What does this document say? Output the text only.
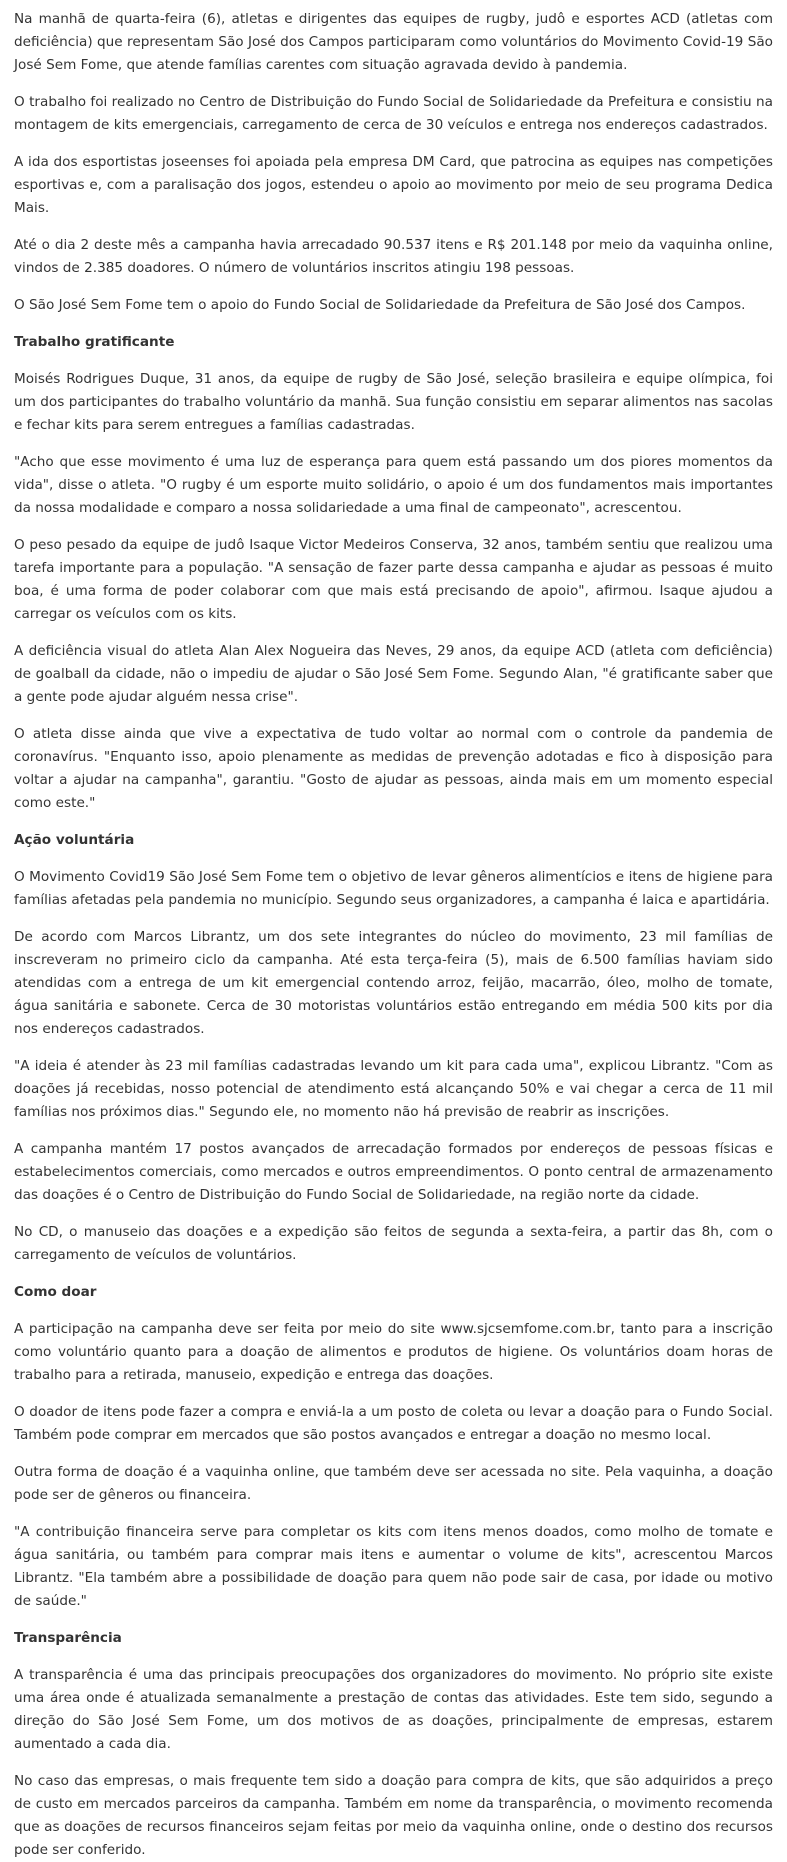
Na manhã de quarta-feira (6), atletas e dirigentes das equipes de rugby, judô e esportes ACD (atletas com deficiência) que representam São José dos Campos participaram como voluntários do Movimento Covid-19 São José Sem Fome, que atende famílias carentes com situação agravada devido à pandemia.

O trabalho foi realizado no Centro de Distribuição do Fundo Social de Solidariedade da Prefeitura e consistiu na montagem de kits emergenciais, carregamento de cerca de 30 veículos e entrega nos endereços cadastrados.

A ida dos esportistas joseenses foi apoiada pela empresa DM Card, que patrocina as equipes nas competições esportivas e, com a paralisação dos jogos, estendeu o apoio ao movimento por meio de seu programa Dedica Mais.

Até o dia 2 deste mês a campanha havia arrecadado 90.537 itens e R$ 201.148 por meio da vaquinha online, vindos de 2.385 doadores. O número de voluntários inscritos atingiu 198 pessoas.

O São José Sem Fome tem o apoio do Fundo Social de Solidariedade da Prefeitura de São José dos Campos.

Trabalho gratificante

Moisés Rodrigues Duque, 31 anos, da equipe de rugby de São José, seleção brasileira e equipe olímpica, foi um dos participantes do trabalho voluntário da manhã. Sua função consistiu em separar alimentos nas sacolas e fechar kits para serem entregues a famílias cadastradas.

"Acho que esse movimento é uma luz de esperança para quem está passando um dos piores momentos da vida", disse o atleta. "O rugby é um esporte muito solidário, o apoio é um dos fundamentos mais importantes da nossa modalidade e comparo a nossa solidariedade a uma final de campeonato", acrescentou.

O peso pesado da equipe de judô Isaque Victor Medeiros Conserva, 32 anos, também sentiu que realizou uma tarefa importante para a população. "A sensação de fazer parte dessa campanha e ajudar as pessoas é muito boa, é uma forma de poder colaborar com que mais está precisando de apoio", afirmou. Isaque ajudou a carregar os veículos com os kits.

A deficiência visual do atleta Alan Alex Nogueira das Neves, 29 anos, da equipe ACD (atleta com deficiência) de goalball da cidade, não o impediu de ajudar o São José Sem Fome. Segundo Alan, "é gratificante saber que a gente pode ajudar alguém nessa crise".

O atleta disse ainda que vive a expectativa de tudo voltar ao normal com o controle da pandemia de coronavírus. "Enquanto isso, apoio plenamente as medidas de prevenção adotadas e fico à disposição para voltar a ajudar na campanha", garantiu. "Gosto de ajudar as pessoas, ainda mais em um momento especial como este."

Ação voluntária

O Movimento Covid19 São José Sem Fome tem o objetivo de levar gêneros alimentícios e itens de higiene para famílias afetadas pela pandemia no município. Segundo seus organizadores, a campanha é laica e apartidária.

De acordo com Marcos Librantz, um dos sete integrantes do núcleo do movimento, 23 mil famílias de inscreveram no primeiro ciclo da campanha. Até esta terça-feira (5), mais de 6.500 famílias haviam sido atendidas com a entrega de um kit emergencial contendo arroz, feijão, macarrão, óleo, molho de tomate, água sanitária e sabonete. Cerca de 30 motoristas voluntários estão entregando em média 500 kits por dia nos endereços cadastrados.

"A ideia é atender às 23 mil famílias cadastradas levando um kit para cada uma", explicou Librantz. "Com as doações já recebidas, nosso potencial de atendimento está alcançando 50% e vai chegar a cerca de 11 mil famílias nos próximos dias." Segundo ele, no momento não há previsão de reabrir as inscrições.

A campanha mantém 17 postos avançados de arrecadação formados por endereços de pessoas físicas e estabelecimentos comerciais, como mercados e outros empreendimentos. O ponto central de armazenamento das doações é o Centro de Distribuição do Fundo Social de Solidariedade, na região norte da cidade.

No CD, o manuseio das doações e a expedição são feitos de segunda a sexta-feira, a partir das 8h, com o carregamento de veículos de voluntários.

Como doar

A participação na campanha deve ser feita por meio do site www.sjcsemfome.com.br, tanto para a inscrição como voluntário quanto para a doação de alimentos e produtos de higiene. Os voluntários doam horas de trabalho para a retirada, manuseio, expedição e entrega das doações.

O doador de itens pode fazer a compra e enviá-la a um posto de coleta ou levar a doação para o Fundo Social. Também pode comprar em mercados que são postos avançados e entregar a doação no mesmo local.

Outra forma de doação é a vaquinha online, que também deve ser acessada no site. Pela vaquinha, a doação pode ser de gêneros ou financeira.

"A contribuição financeira serve para completar os kits com itens menos doados, como molho de tomate e água sanitária, ou também para comprar mais itens e aumentar o volume de kits", acrescentou Marcos Librantz. "Ela também abre a possibilidade de doação para quem não pode sair de casa, por idade ou motivo de saúde."

Transparência

A transparência é uma das principais preocupações dos organizadores do movimento. No próprio site existe uma área onde é atualizada semanalmente a prestação de contas das atividades. Este tem sido, segundo a direção do São José Sem Fome, um dos motivos de as doações, principalmente de empresas, estarem aumentado a cada dia.

No caso das empresas, o mais frequente tem sido a doação para compra de kits, que são adquiridos a preço de custo em mercados parceiros da campanha. Também em nome da transparência, o movimento recomenda que as doações de recursos financeiros sejam feitas por meio da vaquinha online, onde o destino dos recursos pode ser conferido.
